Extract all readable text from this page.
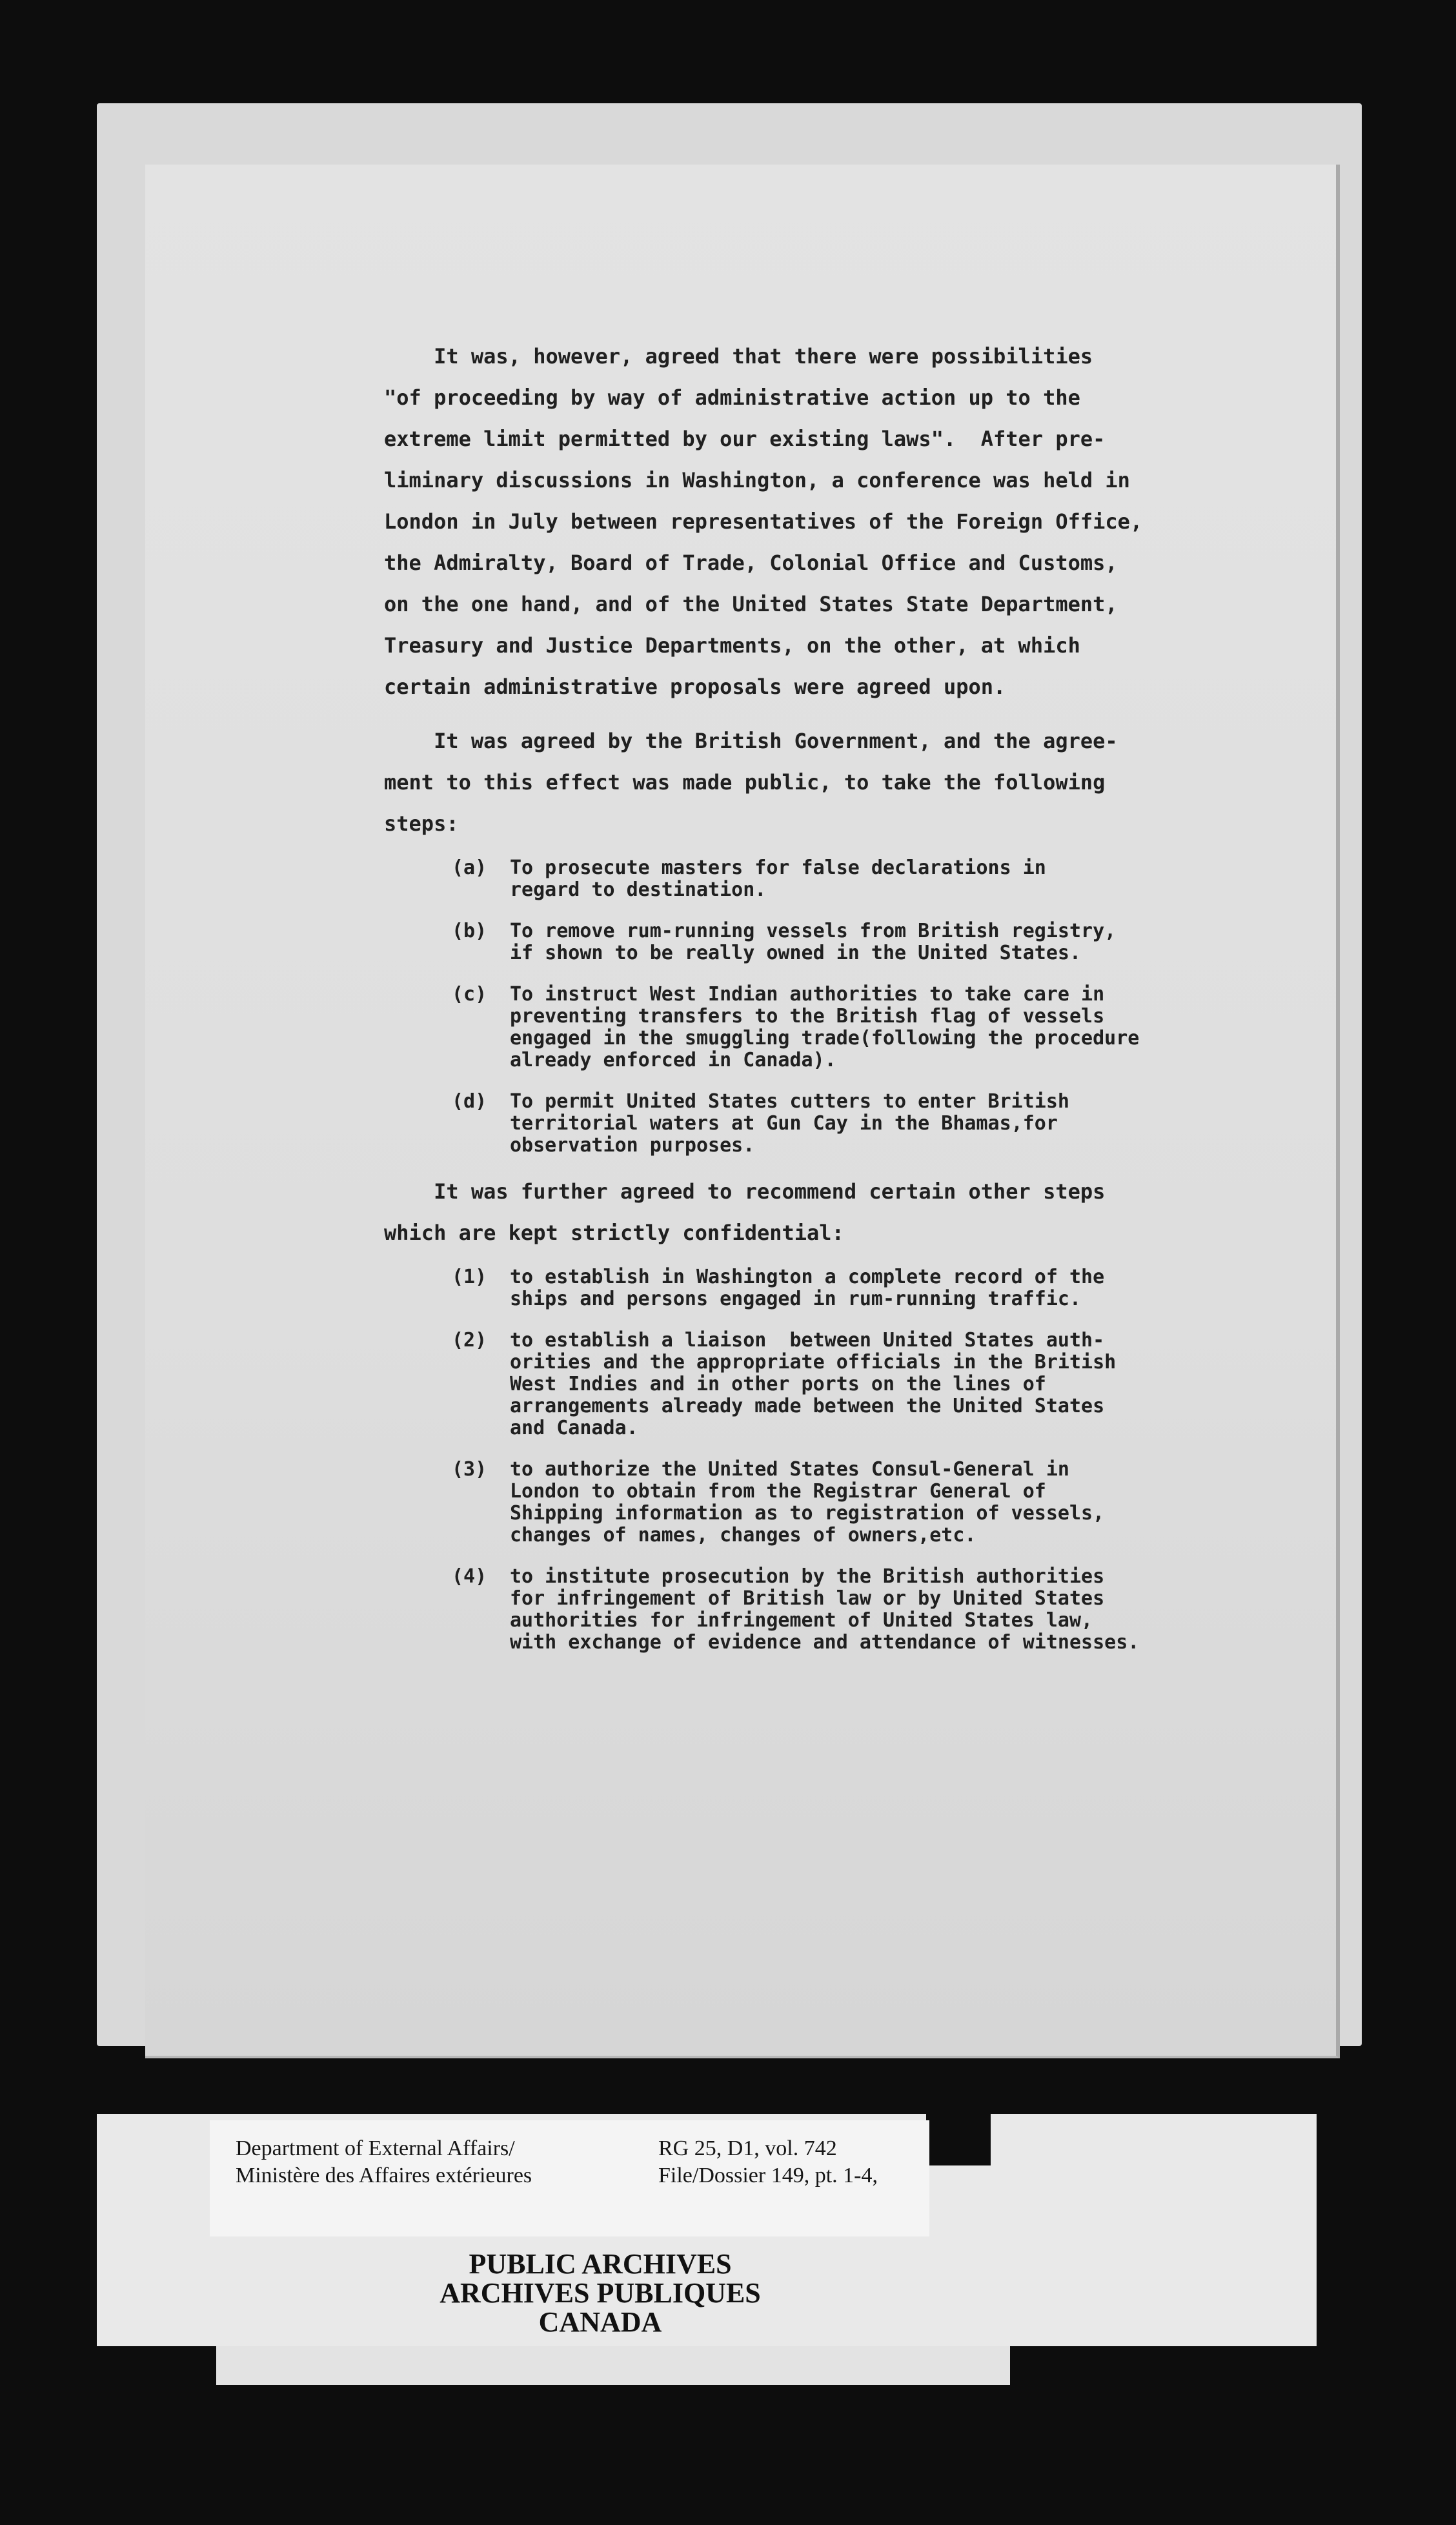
It was, however, agreed that there were possibilities
"of proceeding by way of administrative action up to the
extreme limit permitted by our existing laws".  After pre-
liminary discussions in Washington, a conference was held in
London in July between representatives of the Foreign Office,
the Admiralty, Board of Trade, Colonial Office and Customs,
on the one hand, and of the United States State Department,
Treasury and Justice Departments, on the other, at which
certain administrative proposals were agreed upon.

It was agreed by the British Government, and the agree-
ment to this effect was made public, to take the following
steps:

(a)	To prosecute masters for false declarations in
regard to destination.
(b)	To remove rum-running vessels from British registry,
if shown to be really owned in the United States.
(c)	To instruct West Indian authorities to take care in
preventing transfers to the British flag of vessels
engaged in the smuggling trade(following the procedure
already enforced in Canada).
(d)	To permit United States cutters to enter British
territorial waters at Gun Cay in the Bhamas,for
observation purposes.

It was further agreed to recommend certain other steps
which are kept strictly confidential:

(1)	to establish in Washington a complete record of the
ships and persons engaged in rum-running traffic.
(2)	to establish a liaison  between United States auth-
orities and the appropriate officials in the British
West Indies and in other ports on the lines of
arrangements already made between the United States
and Canada.
(3)	to authorize the United States Consul-General in
London to obtain from the Registrar General of
Shipping information as to registration of vessels,
changes of names, changes of owners,etc.
(4)	to institute prosecution by the British authorities
for infringement of British law or by United States
authorities for infringement of United States law,
with exchange of evidence and attendance of witnesses.
Department of External Affairs/
Ministère des Affaires extérieures
RG 25, D1, vol. 742
File/Dossier 149, pt. 1-4,
PUBLIC ARCHIVES
ARCHIVES PUBLIQUES
CANADA
